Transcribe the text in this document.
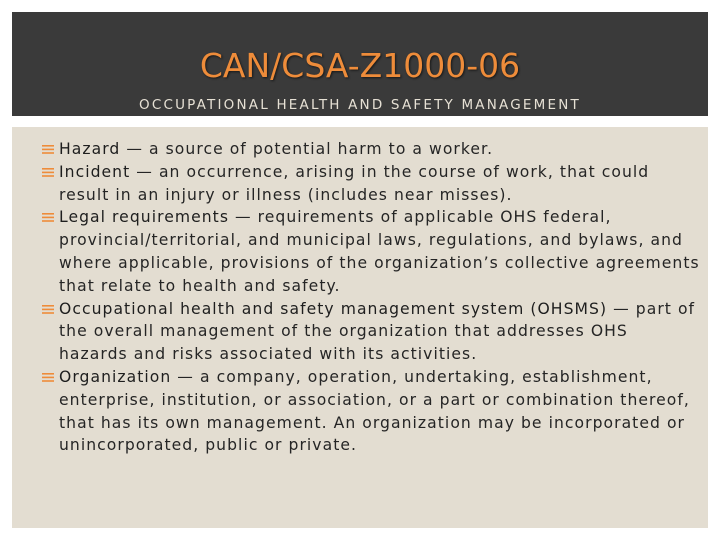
CAN/CSA-Z1000-06
OCCUPATIONAL HEALTH AND SAFETY MANAGEMENT
Hazard — a source of potential harm to a worker.
Incident — an occurrence, arising in the course of work, that could result in an injury or illness (includes near misses).
Legal requirements — requirements of applicable OHS federal, provincial/territorial, and municipal laws, regulations, and bylaws, and where applicable, provisions of the organization’s collective agreements that relate to health and safety.
Occupational health and safety management system (OHSMS) — part of the overall management of the organization that addresses OHS hazards and risks associated with its activities.
Organization — a company, operation, undertaking, establishment, enterprise, institution, or association, or a part or combination thereof, that has its own management. An organization may be incorporated or unincorporated, public or private.
